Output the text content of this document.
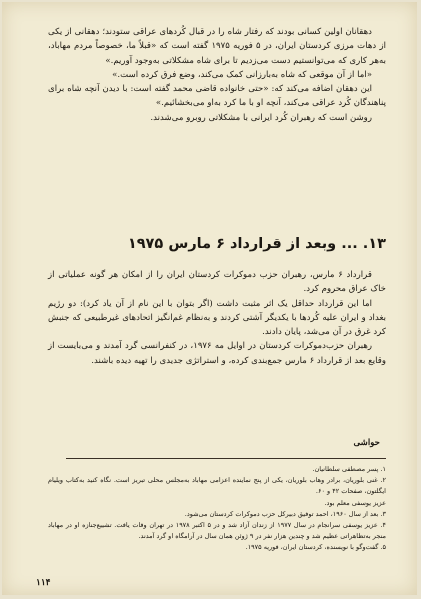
دهقانان اولین کسانی بودند که رفتار شاه را در قبال کُردهای عراقی ستودند؛ دهقانی از یکی از دهات مرزی کردستان ایران، در ۵ فوریه ۱۹۷۵ گفته است که «قبلاً ما، خصوصاً مردم مهاباد، به‌هر کاری که می‌توانستیم دست می‌زدیم تا برای شاه مشکلاتی به‌وجود آوریم.»

«اما از آن موقعی که شاه به‌بارزانی کمک می‌کند، وضع فرق کرده است.»

این دهقان اضافه می‌کند که: «حتی خانواده قاضی محمد گفته است: با دیدن آنچه شاه برای پناهندگان کُرد عراقی می‌کند، آنچه او با ما کرد به‌او می‌بخشائیم.»

روشن است که رهبران کُرد ایرانی با مشکلاتی روبرو می‌شدند.

۱۳. ... وبعد از قرارداد ۶ مارس ۱۹۷۵

قرارداد ۶ مارس، رهبران حزب دموکرات کردستان ایران را از امکان هر گونه عملیاتی از خاک عراق محروم کرد.

اما این قرارداد حداقل یک اثر مثبت داشت (اگر بتوان با این نام از آن یاد کرد): دو رژیم بغداد و ایران علیه کُردها با یکدیگر آشتی کردند و به‌نظام غم‌انگیز اتحادهای غیرطبیعی که جنبش کرد غرق در آن می‌شد، پایان دادند.

رهبران حزب‌دموکرات کردستان در اوایل مه ۱۹۷۶، در کنفرانسی گرد آمدند و می‌بایست از وقایع بعد از قرارداد ۶ مارس جمع‌بندی کرده، و استراتژی جدیدی را تهیه دیده باشند.

حواشی

۱. پسر مصطفی سلطانیان.

۲. غنی بلوریان، برادر وهاب بلوریان، یکی از پنج نماینده اعزامی مهاباد به‌مجلس محلی تبریز است. نگاه کنید به‌کتاب ویلیام ایگلتون، صفحات ۴۲ و ۶۰.

عزیز یوسفی معلم بود.

۳. بعد از سال ۱۹۶۰، احمد توفیق دبیرکل حزب دموکرات کردستان می‌شود.

۴. عزیز یوسفی سرانجام در سال ۱۹۷۷ از زندان آزاد شد و در ۵ اکتبر ۱۹۷۸ در تهران وفات یافت. تشییع‌جنازه او در مهاباد منجر به‌تظاهراتی عظیم شد و چندین هزار نفر در ۹ ژوئن همان سال در آرامگاه او گرد آمدند.

۵. گفت‌وگو با نویسنده، کردستان ایران، فوریه ۱۹۷۵.

۱۱۴
